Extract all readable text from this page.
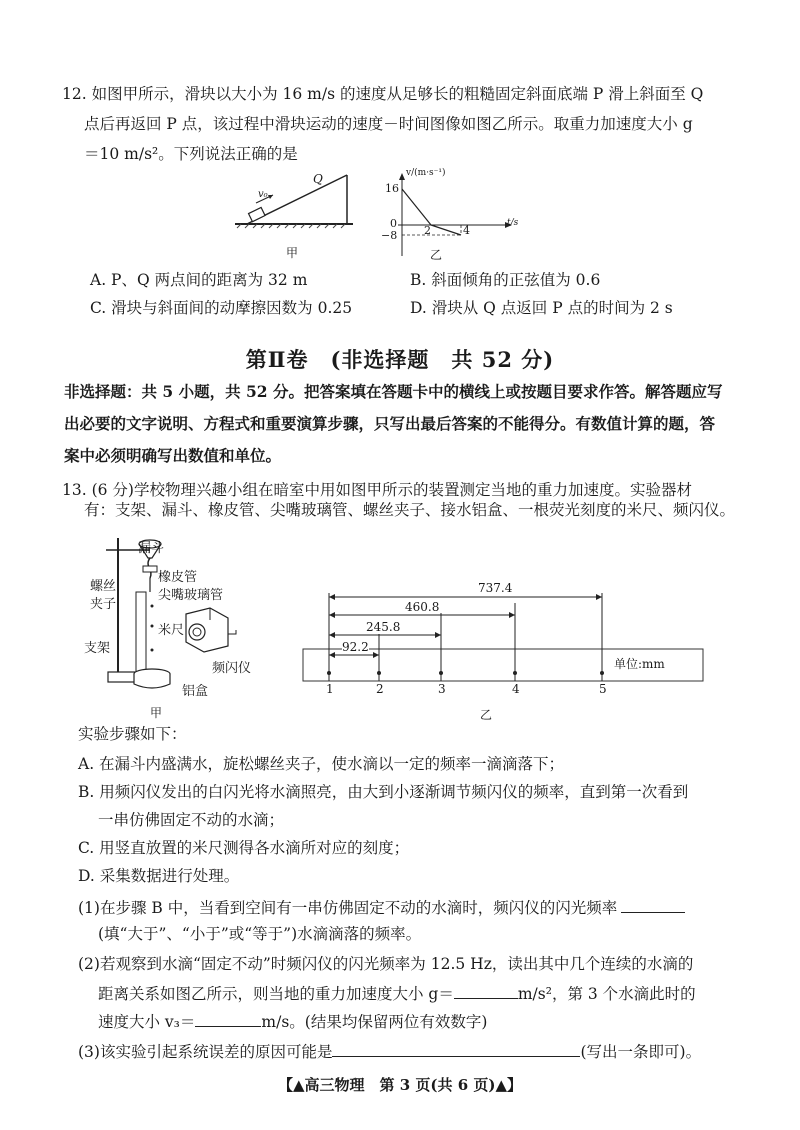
12. 如图甲所示，滑块以大小为 16 m/s 的速度从足够长的粗糙固定斜面底端 P 滑上斜面至 Q
点后再返回 P 点，该过程中滑块运动的速度－时间图像如图乙所示。取重力加速度大小 g
＝10 m/s²。下列说法正确的是
v₀
Q
甲
v/(m·s⁻¹)
t/s
16
0
−8 2	4
乙
A. P、Q 两点间的距离为 32 m	B. 斜面倾角的正弦值为 0.6
C. 滑块与斜面间的动摩擦因数为 0.25	D. 滑块从 Q 点返回 P 点的时间为 2 s
第Ⅱ卷　(非选择题　共 52 分)
非选择题：共 5 小题，共 52 分。把答案填在答题卡中的横线上或按题目要求作答。解答题应写
出必要的文字说明、方程式和重要演算步骤，只写出最后答案的不能得分。有数值计算的题，答
案中必须明确写出数值和单位。
13. (6 分)学校物理兴趣小组在暗室中用如图甲所示的装置测定当地的重力加速度。实验器材
有：支架、漏斗、橡皮管、尖嘴玻璃管、螺丝夹子、接水铝盒、一根荧光刻度的米尺、频闪仪。
漏斗
橡皮管
螺丝
夹子
尖嘴玻璃管
米尺
支架
频闪仪
铝盒
甲
737.4
460.8
245.8
92.2
单位:mm
1	2	3	4	5
乙
实验步骤如下：
A. 在漏斗内盛满水，旋松螺丝夹子，使水滴以一定的频率一滴滴落下；
B. 用频闪仪发出的白闪光将水滴照亮，由大到小逐渐调节频闪仪的频率，直到第一次看到
一串仿佛固定不动的水滴；
C. 用竖直放置的米尺测得各水滴所对应的刻度；
D. 采集数据进行处理。
(1)在步骤 B 中，当看到空间有一串仿佛固定不动的水滴时，频闪仪的闪光频率
(填“大于”、“小于”或“等于”)水滴滴落的频率。
(2)若观察到水滴“固定不动”时频闪仪的闪光频率为 12.5 Hz，读出其中几个连续的水滴的
距离关系如图乙所示，则当地的重力加速度大小 g＝	m/s²，第 3 个水滴此时的
速度大小 v₃＝	m/s。(结果均保留两位有效数字)
(3)该实验引起系统误差的原因可能是	(写出一条即可)。
【▲高三物理　第 3 页(共 6 页)▲】
